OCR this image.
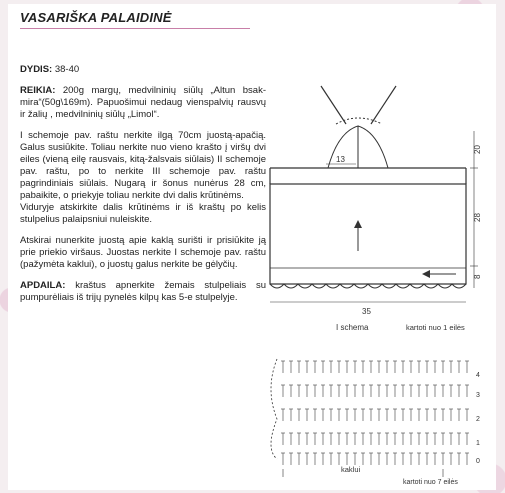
VASARIŠKA PALAIDINĖ

DYDIS: 38-40

REIKIA: 200g margų, medvilninių siūlų „Altun bsak-mira“(50g\169m). Papuošimui nedaug vienspalvių rausvų ir žalių , medvilninių siūlų „Limol“.

I schemoje pav. raštu nerkite ilgą 70cm juostą-apačią. Galus susiūkite. Toliau nerkite nuo vieno krašto į viršų dvi eiles (vieną eilę rausvais, kitą-žalsvais siūlais) II schemoje pav. raštu, po to nerkite III schemoje pav. raštu pagrindiniais siūlais. Nugarą ir šonus nunėrus 28 cm, pabaikite, o priekyje toliau nerkite dvi dalis krūtinėms.

Viduryje atskirkite dalis krūtinėms ir iš kraštų po kelis stulpelius palaipsniui nuleiskite.

Atskirai nunerkite juostą apie kaklą surišti ir prisiūkite ją prie priekio viršaus. Juostas nerkite I schemoje pav. raštu (pažymėta kaklui), o juostų galus nerkite be gėlyčių.

APDAILA: kraštus apnerkite žemais stulpeliais su pumpurėliais iš trijų pynelės kilpų kas 5-e stulpelyje.

13
20
28
8
35
I schema	kartoti nuo 1 eilės
kaklui
kartoti nuo 7 eilės
4
3
2
1
0
